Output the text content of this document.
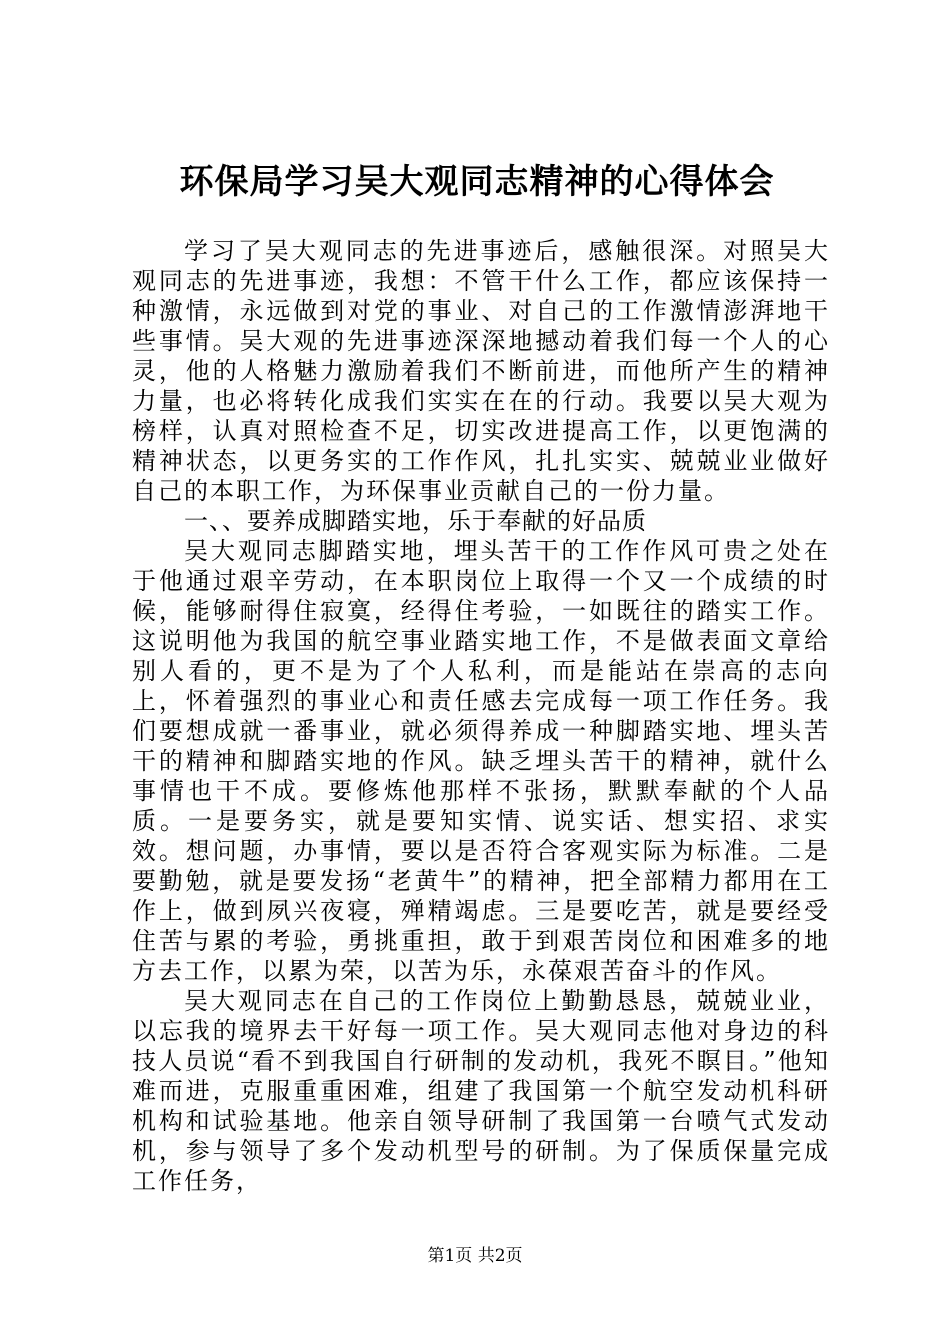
环保局学习吴大观同志精神的心得体会

学习了吴大观同志的先进事迹后，感触很深。对照吴大观同志的先进事迹，我想：不管干什么工作，都应该保持一种激情，永远做到对党的事业、对自己的工作激情澎湃地干些事情。吴大观的先进事迹深深地撼动着我们每一个人的心灵，他的人格魅力激励着我们不断前进，而他所产生的精神力量，也必将转化成我们实实在在的行动。我要以吴大观为榜样，认真对照检查不足，切实改进提高工作，以更饱满的精神状态，以更务实的工作作风，扎扎实实、兢兢业业做好自己的本职工作，为环保事业贡献自己的一份力量。

一、、要养成脚踏实地，乐于奉献的好品质

吴大观同志脚踏实地，埋头苦干的工作作风可贵之处在于他通过艰辛劳动，在本职岗位上取得一个又一个成绩的时候，能够耐得住寂寞，经得住考验，一如既往的踏实工作。这说明他为我国的航空事业踏实地工作，不是做表面文章给别人看的，更不是为了个人私利，而是能站在崇高的志向上，怀着强烈的事业心和责任感去完成每一项工作任务。我们要想成就一番事业，就必须得养成一种脚踏实地、埋头苦干的精神和脚踏实地的作风。缺乏埋头苦干的精神，就什么事情也干不成。要修炼他那样不张扬，默默奉献的个人品质。一是要务实，就是要知实情、说实话、想实招、求实效。想问题，办事情，要以是否符合客观实际为标准。二是要勤勉，就是要发扬“老黄牛”的精神，把全部精力都用在工作上，做到夙兴夜寝，殚精竭虑。三是要吃苦，就是要经受住苦与累的考验，勇挑重担，敢于到艰苦岗位和困难多的地方去工作，以累为荣，以苦为乐，永葆艰苦奋斗的作风。

吴大观同志在自己的工作岗位上勤勤恳恳，兢兢业业，以忘我的境界去干好每一项工作。吴大观同志他对身边的科技人员说“看不到我国自行研制的发动机，我死不瞑目。”他知难而进，克服重重困难，组建了我国第一个航空发动机科研机构和试验基地。他亲自领导研制了我国第一台喷气式发动机，参与领导了多个发动机型号的研制。为了保质保量完成工作任务，

第1页 共2页
